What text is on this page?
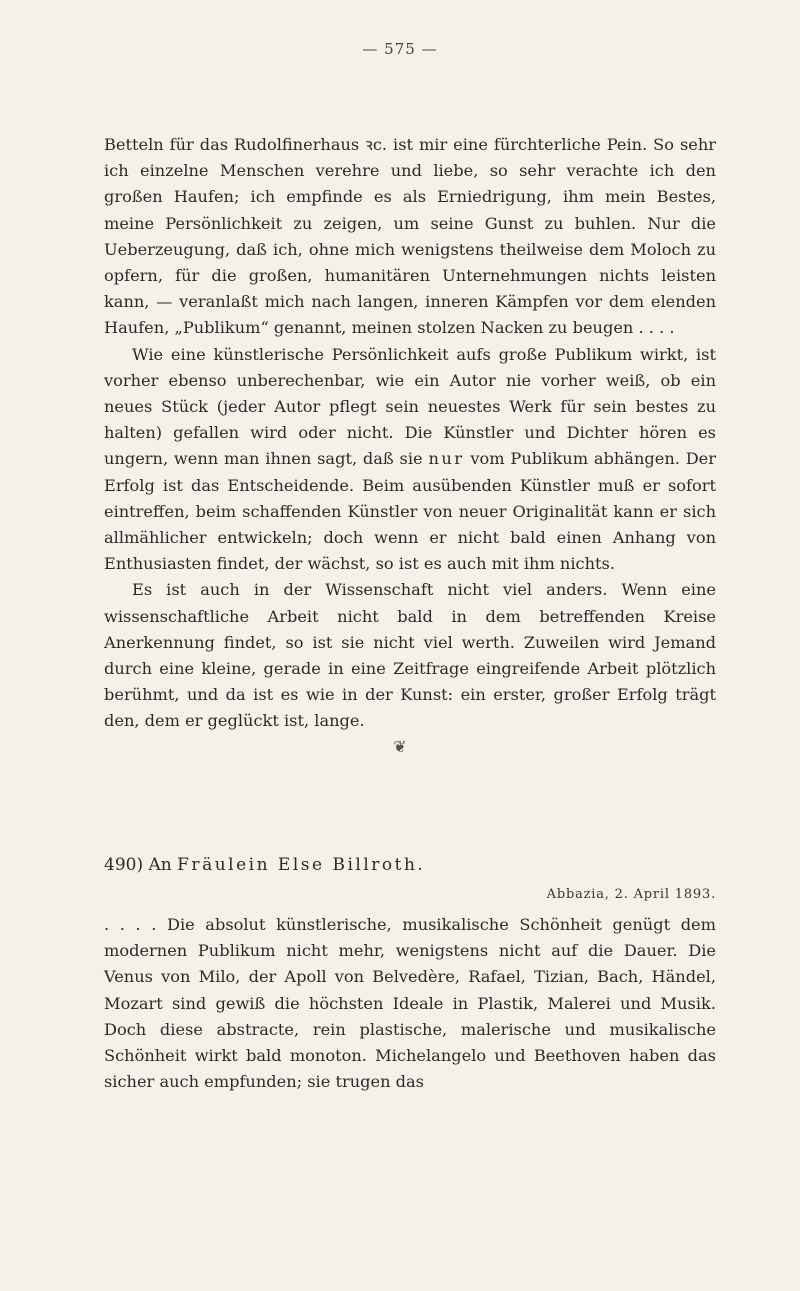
— 575 —

Betteln für das Rudolfinerhaus ꝛc. ist mir eine fürchterliche Pein. So sehr ich einzelne Menschen verehre und liebe, so sehr verachte ich den großen Haufen; ich empfinde es als Erniedrigung, ihm mein Bestes, meine Persönlichkeit zu zeigen, um seine Gunst zu buhlen. Nur die Ueberzeugung, daß ich, ohne mich wenigstens theilweise dem Moloch zu opfern, für die großen, humanitären Unternehmungen nichts leisten kann, — veranlaßt mich nach langen, inneren Kämpfen vor dem elenden Haufen, „Publikum“ genannt, meinen stolzen Nacken zu beugen . . . .

Wie eine künstlerische Persönlichkeit aufs große Publikum wirkt, ist vorher ebenso unberechenbar, wie ein Autor nie vorher weiß, ob ein neues Stück (jeder Autor pflegt sein neuestes Werk für sein bestes zu halten) gefallen wird oder nicht. Die Künstler und Dichter hören es ungern, wenn man ihnen sagt, daß sie nur vom Publikum abhängen. Der Erfolg ist das Entscheidende. Beim ausübenden Künstler muß er sofort eintreffen, beim schaffenden Künstler von neuer Originalität kann er sich allmählicher entwickeln; doch wenn er nicht bald einen Anhang von Enthusiasten findet, der wächst, so ist es auch mit ihm nichts.

Es ist auch in der Wissenschaft nicht viel anders. Wenn eine wissenschaftliche Arbeit nicht bald in dem betreffenden Kreise Anerkennung findet, so ist sie nicht viel werth. Zuweilen wird Jemand durch eine kleine, gerade in eine Zeitfrage eingreifende Arbeit plötzlich berühmt, und da ist es wie in der Kunst: ein erster, großer Erfolg trägt den, dem er geglückt ist, lange.

❦
490) An Fräulein Else Billroth.
Abbazia, 2. April 1893.

. . . . Die absolut künstlerische, musikalische Schönheit genügt dem modernen Publikum nicht mehr, wenigstens nicht auf die Dauer. Die Venus von Milo, der Apoll von Belvedère, Rafael, Tizian, Bach, Händel, Mozart sind gewiß die höchsten Ideale in Plastik, Malerei und Musik. Doch diese abstracte, rein plastische, malerische und musikalische Schönheit wirkt bald monoton. Michelangelo und Beethoven haben das sicher auch empfunden; sie trugen das
